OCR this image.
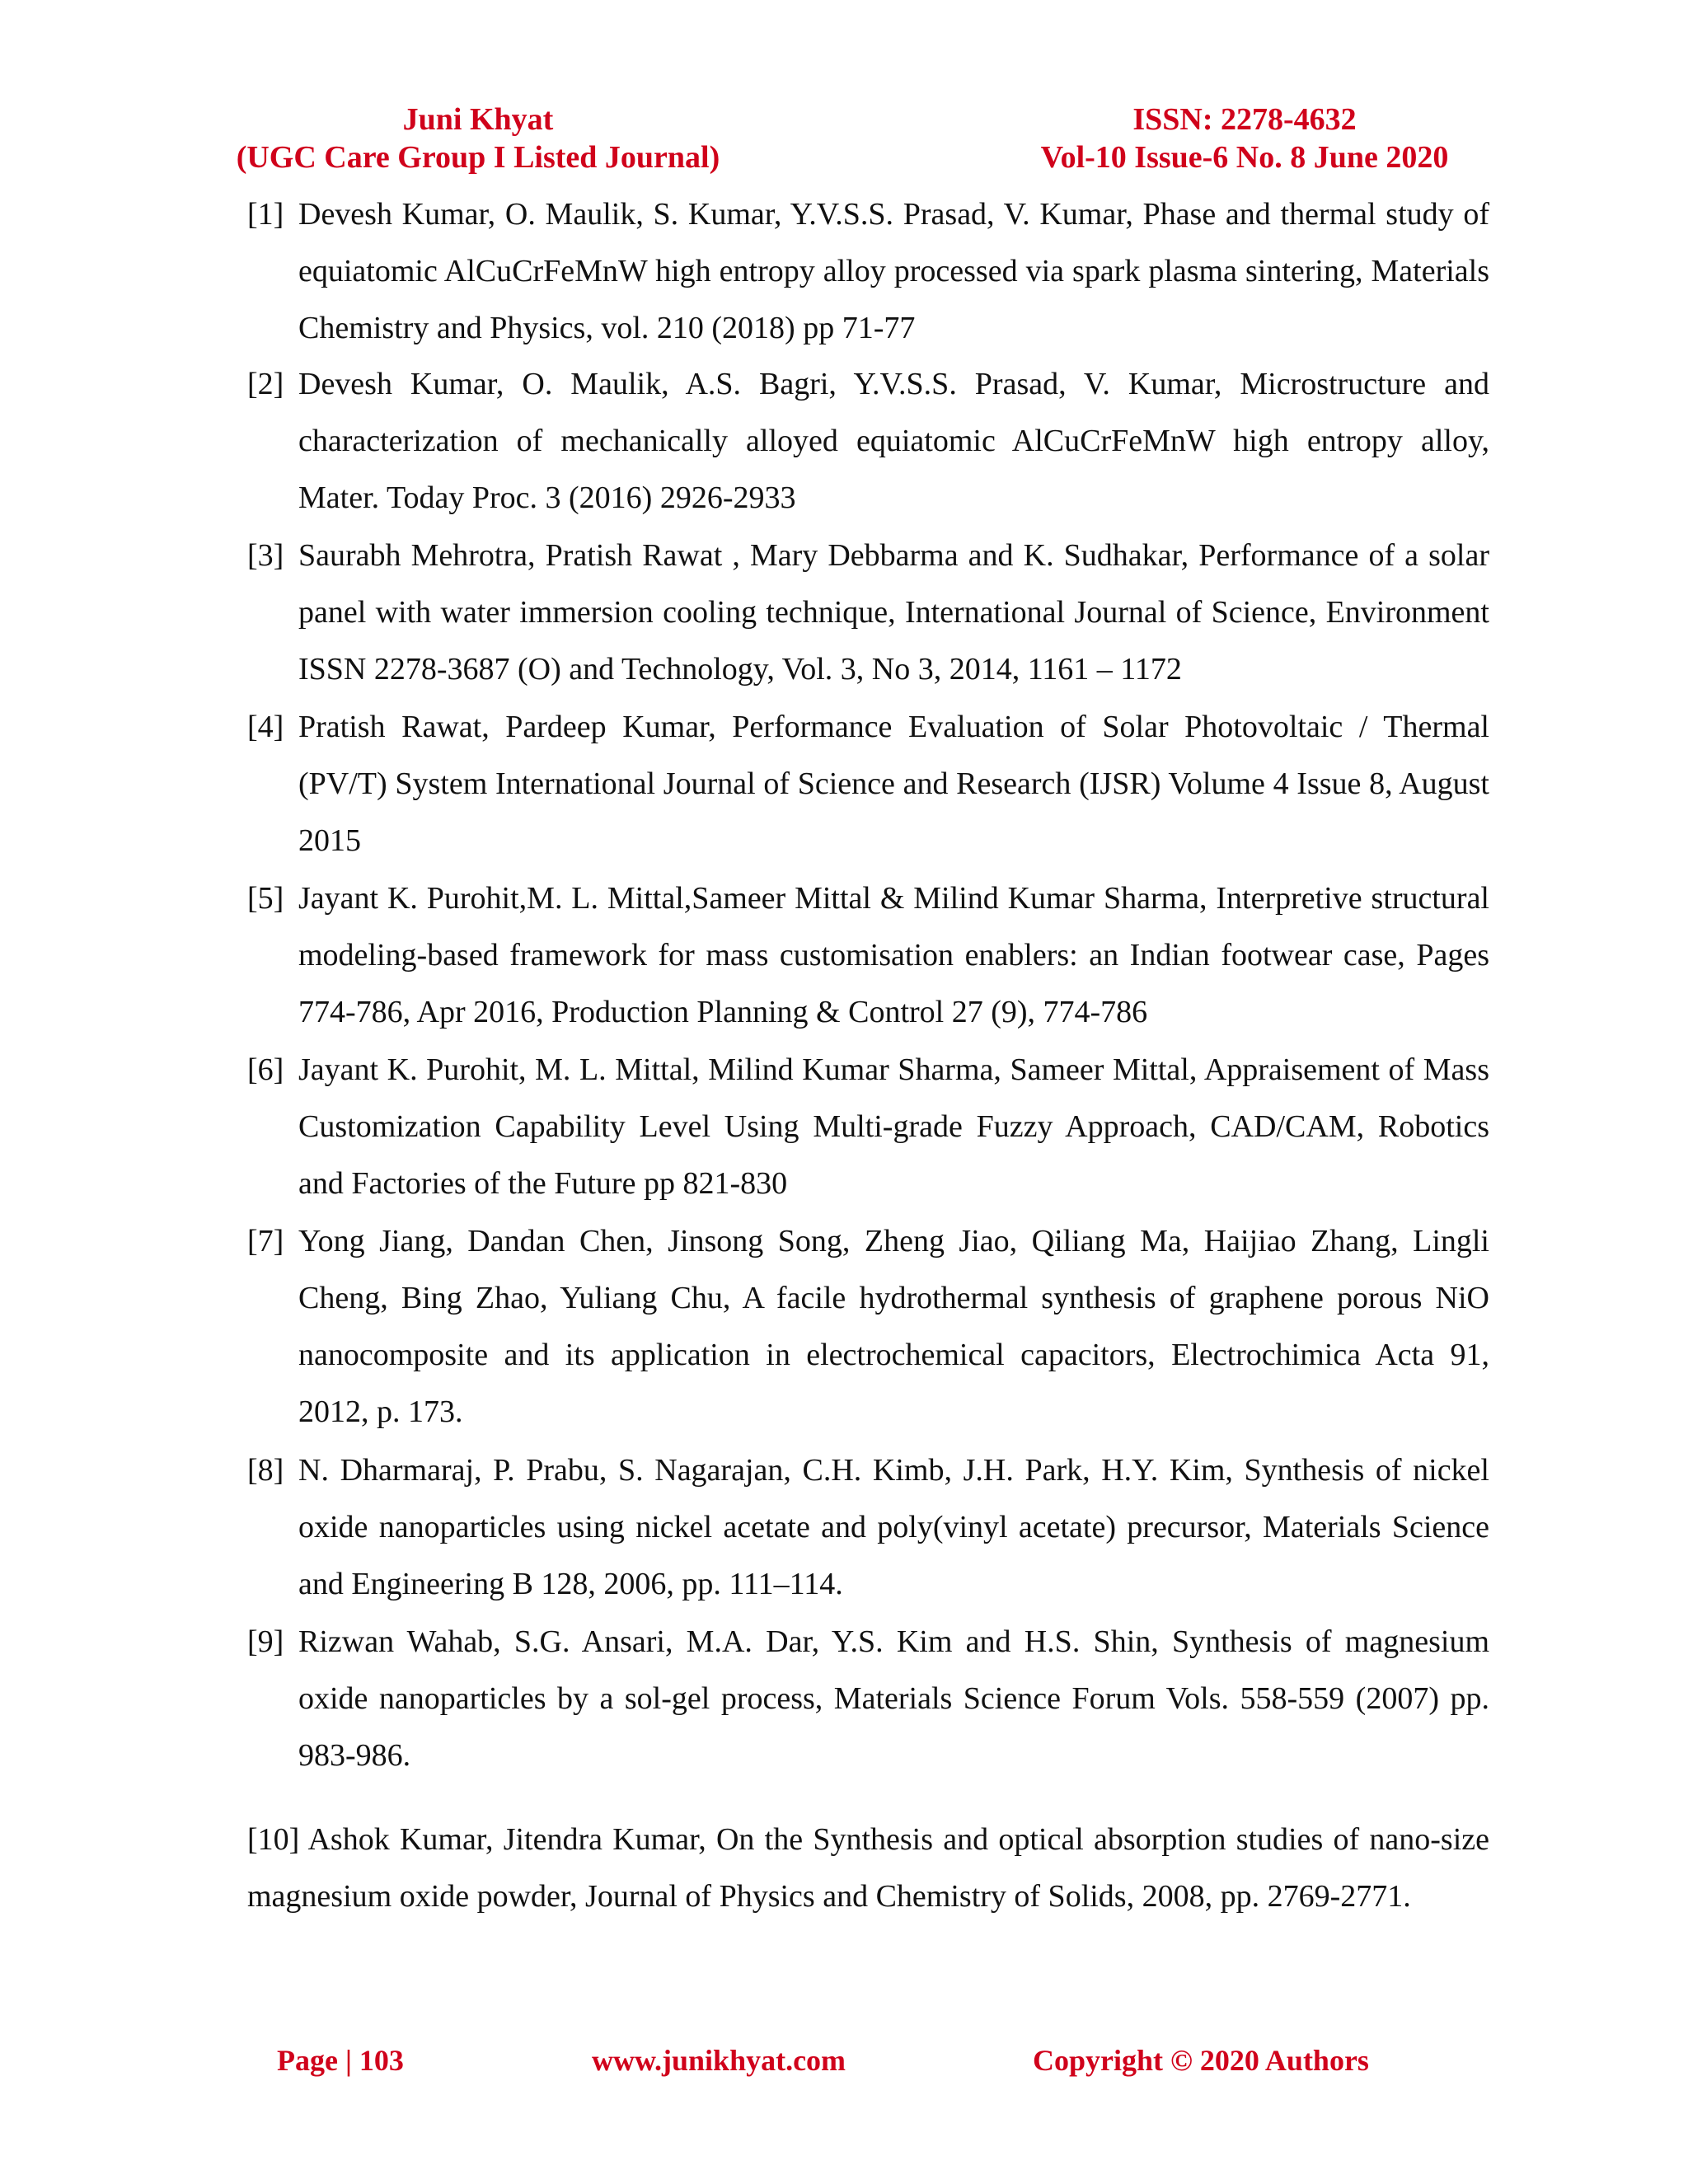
Juni Khyat
(UGC Care Group I Listed Journal)
ISSN: 2278-4632
Vol-10 Issue-6 No. 8 June 2020
[1] Devesh Kumar, O. Maulik, S. Kumar, Y.V.S.S. Prasad, V. Kumar, Phase and thermal study of equiatomic AlCuCrFeMnW high entropy alloy processed via spark plasma sintering, Materials Chemistry and Physics, vol. 210 (2018) pp 71-77
[2] Devesh Kumar, O. Maulik, A.S. Bagri, Y.V.S.S. Prasad, V. Kumar, Microstructure and characterization of mechanically alloyed equiatomic AlCuCrFeMnW high entropy alloy, Mater. Today Proc. 3 (2016) 2926-2933
[3] Saurabh Mehrotra, Pratish Rawat , Mary Debbarma and K. Sudhakar, Performance of a solar panel with water immersion cooling technique, International Journal of Science, Environment ISSN 2278-3687 (O) and Technology, Vol. 3, No 3, 2014, 1161 – 1172
[4] Pratish Rawat, Pardeep Kumar, Performance Evaluation of Solar Photovoltaic / Thermal (PV/T) System International Journal of Science and Research (IJSR) Volume 4 Issue 8, August 2015
[5] Jayant K. Purohit,M. L. Mittal,Sameer Mittal & Milind Kumar Sharma, Interpretive structural modeling-based framework for mass customisation enablers: an Indian footwear case, Pages 774-786, Apr 2016, Production Planning & Control 27 (9), 774-786
[6] Jayant K. Purohit, M. L. Mittal, Milind Kumar Sharma, Sameer Mittal, Appraisement of Mass Customization Capability Level Using Multi-grade Fuzzy Approach, CAD/CAM, Robotics and Factories of the Future pp 821-830
[7] Yong Jiang, Dandan Chen, Jinsong Song, Zheng Jiao, Qiliang Ma, Haijiao Zhang, Lingli Cheng, Bing Zhao, Yuliang Chu, A facile hydrothermal synthesis of graphene porous NiO nanocomposite and its application in electrochemical capacitors, Electrochimica Acta 91, 2012, p. 173.
[8] N. Dharmaraj, P. Prabu, S. Nagarajan, C.H. Kimb, J.H. Park, H.Y. Kim, Synthesis of nickel oxide nanoparticles using nickel acetate and poly(vinyl acetate) precursor, Materials Science and Engineering B 128, 2006, pp. 111–114.
[9] Rizwan Wahab, S.G. Ansari, M.A. Dar, Y.S. Kim and H.S. Shin, Synthesis of magnesium oxide nanoparticles by a sol-gel process, Materials Science Forum Vols. 558-559 (2007) pp. 983-986.
[10] Ashok Kumar, Jitendra Kumar, On the Synthesis and optical absorption studies of nano-size magnesium oxide powder, Journal of Physics and Chemistry of Solids, 2008, pp. 2769-2771.
Page | 103	www.junikhyat.com	Copyright © 2020 Authors
